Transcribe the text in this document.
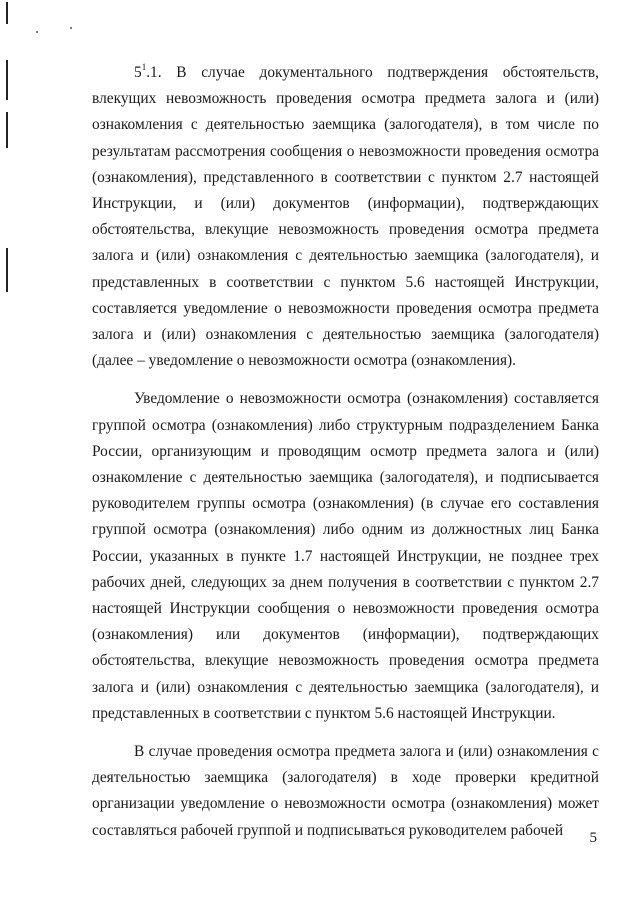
$5^1.1$. В случае документального подтверждения обстоятельств, влекущих невозможность проведения осмотра предмета залога и (или) ознакомления с деятельностью заемщика (залогодателя), в том числе по результатам рассмотрения сообщения о невозможности проведения осмотра (ознакомления), представленного в соответствии с пунктом 2.7 настоящей Инструкции, и (или) документов (информации), подтверждающих обстоятельства, влекущие невозможность проведения осмотра предмета залога и (или) ознакомления с деятельностью заемщика (залогодателя), и представленных в соответствии с пунктом 5.6 настоящей Инструкции, составляется уведомление о невозможности проведения осмотра предмета залога и (или) ознакомления с деятельностью заемщика (залогодателя) (далее – уведомление о невозможности осмотра (ознакомления).

Уведомление о невозможности осмотра (ознакомления) составляется группой осмотра (ознакомления) либо структурным подразделением Банка России, организующим и проводящим осмотр предмета залога и (или) ознакомление с деятельностью заемщика (залогодателя), и подписывается руководителем группы осмотра (ознакомления) (в случае его составления группой осмотра (ознакомления) либо одним из должностных лиц Банка России, указанных в пункте 1.7 настоящей Инструкции, не позднее трех рабочих дней, следующих за днем получения в соответствии с пунктом 2.7 настоящей Инструкции сообщения о невозможности проведения осмотра (ознакомления) или документов (информации), подтверждающих обстоятельства, влекущие невозможность проведения осмотра предмета залога и (или) ознакомления с деятельностью заемщика (залогодателя), и представленных в соответствии с пунктом 5.6 настоящей Инструкции.

В случае проведения осмотра предмета залога и (или) ознакомления с деятельностью заемщика (залогодателя) в ходе проверки кредитной организации уведомление о невозможности осмотра (ознакомления) может составляться рабочей группой и подписываться руководителем рабочей	5
